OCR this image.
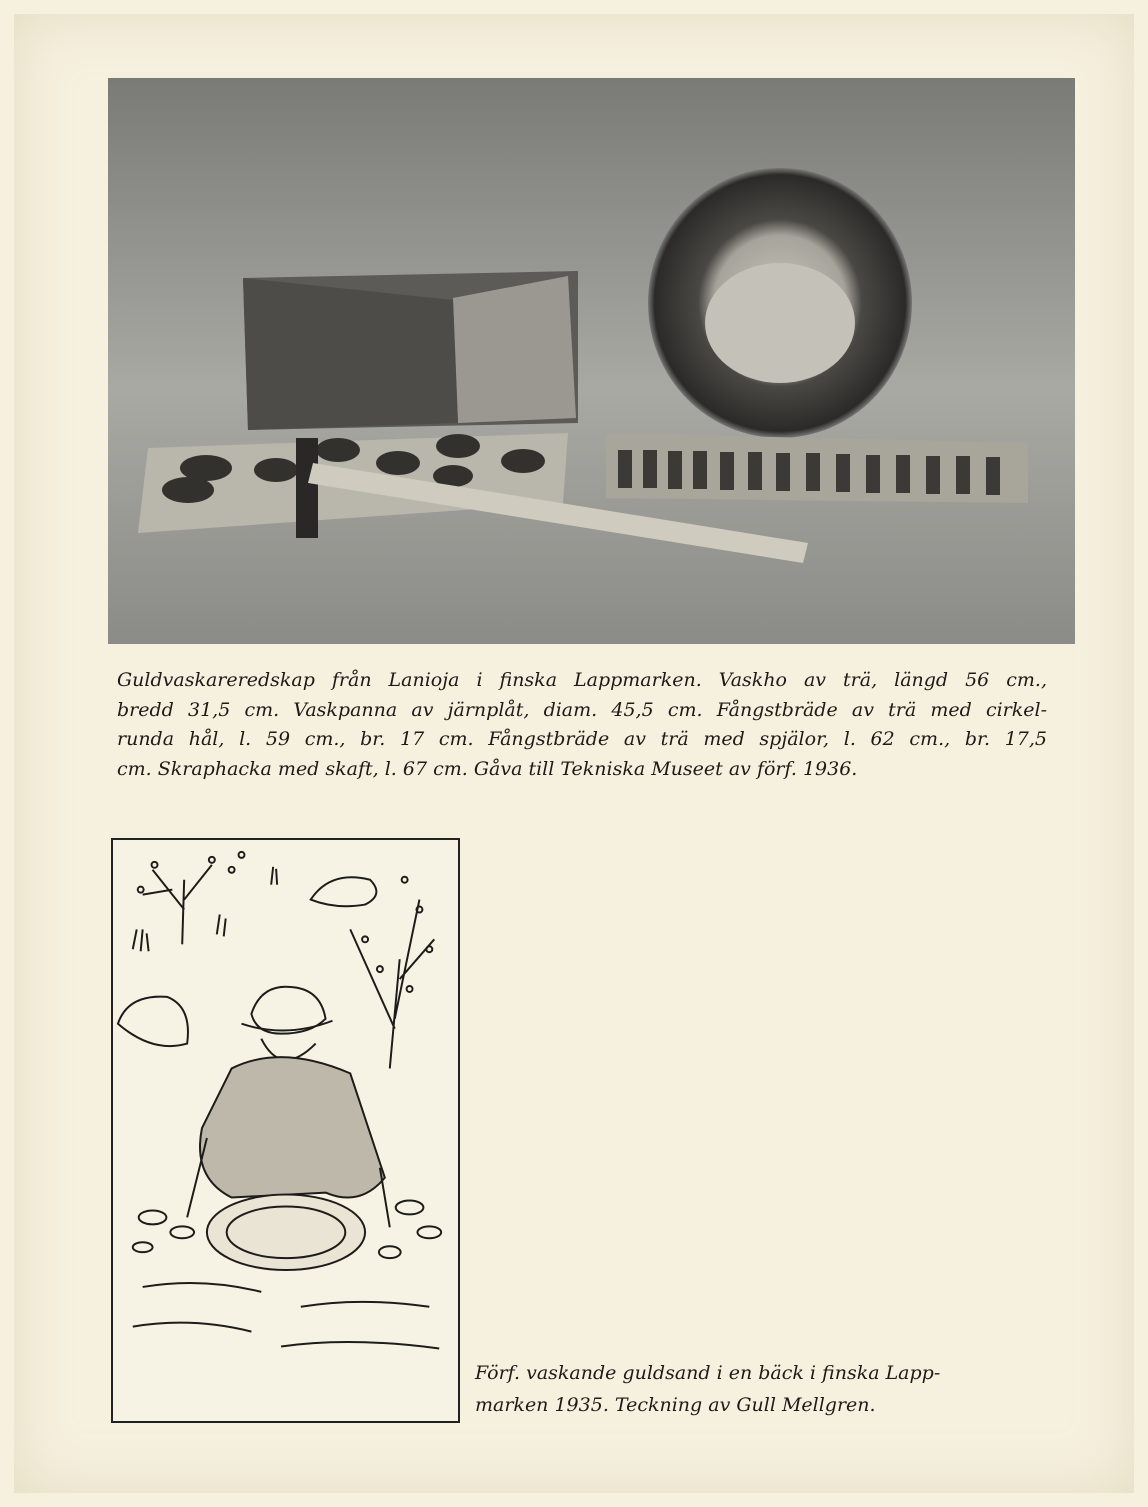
Guldvaskareredskap från Lanioja i finska Lappmarken. Vaskho av trä, längd 56 cm.,
bredd 31,5 cm. Vaskpanna av järnplåt, diam. 45,5 cm. Fångstbräde av trä med cirkel-
runda hål, l. 59 cm., br. 17 cm. Fångstbräde av trä med spjälor, l. 62 cm., br. 17,5
cm. Skraphacka med skaft, l. 67 cm. Gåva till Tekniska Museet av förf. 1936.

Förf. vaskande guldsand i en bäck i finska Lapp-
marken 1935. Teckning av Gull Mellgren.
